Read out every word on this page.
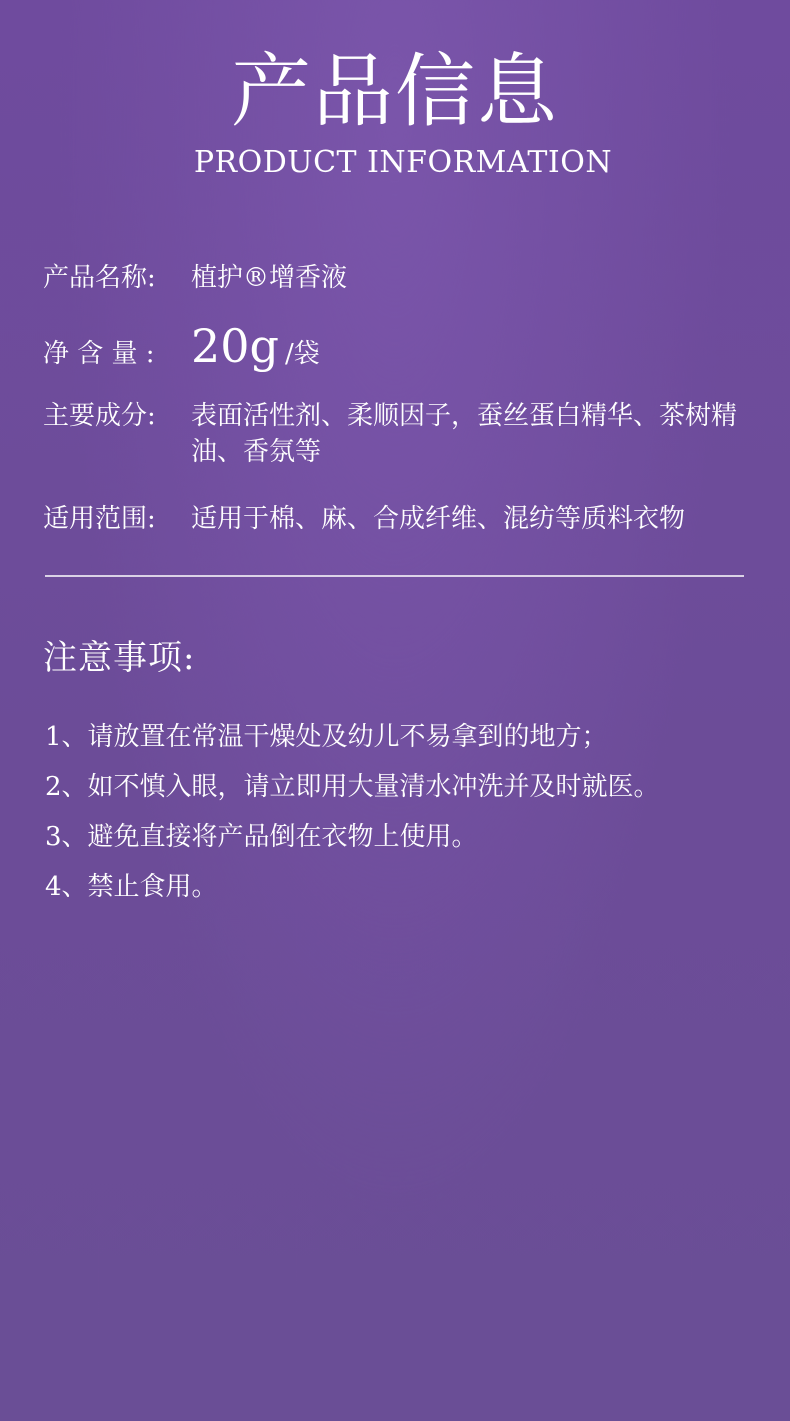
产品信息
PRODUCT INFORMATION
产品名称:	植护®增香液
净 含 量 : 20g /袋
主要成分:	表面活性剂、柔顺因子，蚕丝蛋白精华、茶树精油、香氛等
适用范围:	适用于棉、麻、合成纤维、混纺等质料衣物
注意事项:
1、请放置在常温干燥处及幼儿不易拿到的地方；
2、如不慎入眼，请立即用大量清水冲洗并及时就医。
3、避免直接将产品倒在衣物上使用。
4、禁止食用。
